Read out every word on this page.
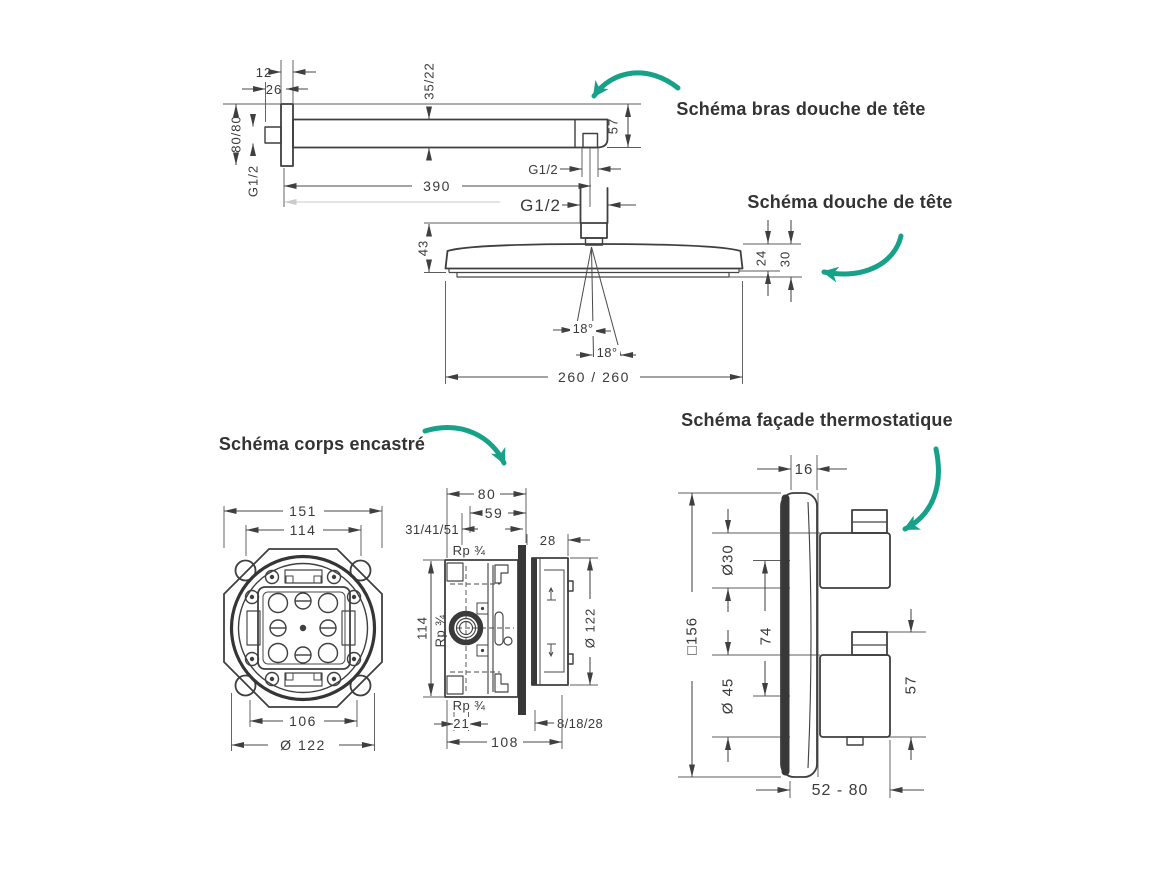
Schéma bras douche de tête
Schéma douche de tête
Schéma corps encastré
Schéma façade thermostatique
12
26
80/80
G1/2
35/22
57
G1/2
390
G1/2
43
24 30
18°
18°
260 / 260
151
114
106
Ø 122
80
59
31/41/51
28
Rp ¾
114 Rp ¾	Ø 122
Rp ¾
21	8/18/28
108
16
□156
Ø30
74
Ø 45	57
52 - 80
